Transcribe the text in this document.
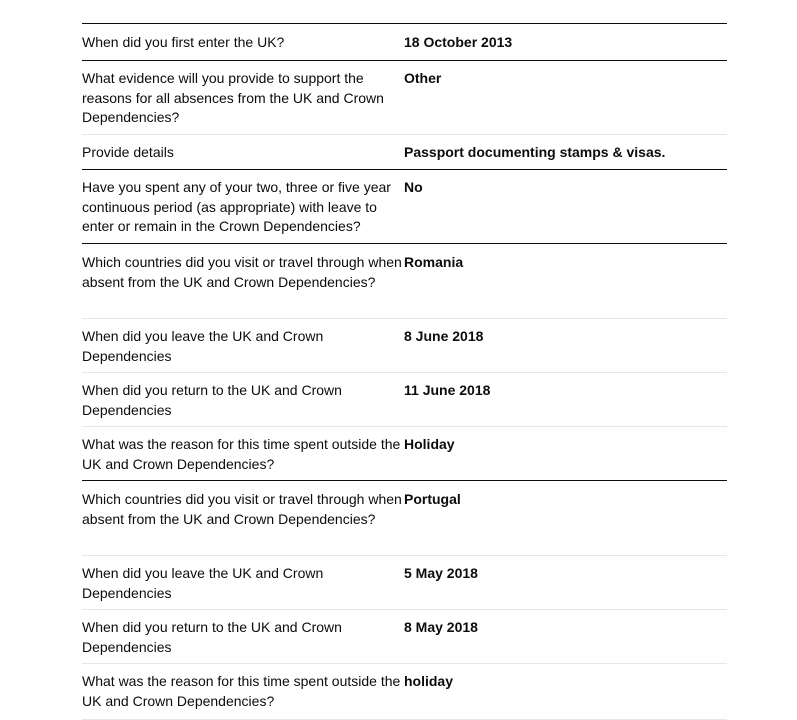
When did you first enter the UK?	18 October 2013
What evidence will you provide to support the reasons for all absences from the UK and Crown Dependencies?
Other
Provide details	Passport documenting stamps & visas.
Have you spent any of your two, three or five year continuous period (as appropriate) with leave to enter or remain in the Crown Dependencies?
No
Which countries did you visit or travel through when absent from the UK and Crown Dependencies?
Romania
When did you leave the UK and Crown Dependencies
8 June 2018
When did you return to the UK and Crown Dependencies
11 June 2018
What was the reason for this time spent outside the UK and Crown Dependencies?
Holiday
Which countries did you visit or travel through when absent from the UK and Crown Dependencies?
Portugal
When did you leave the UK and Crown Dependencies
5 May 2018
When did you return to the UK and Crown Dependencies
8 May 2018
What was the reason for this time spent outside the UK and Crown Dependencies?
holiday
